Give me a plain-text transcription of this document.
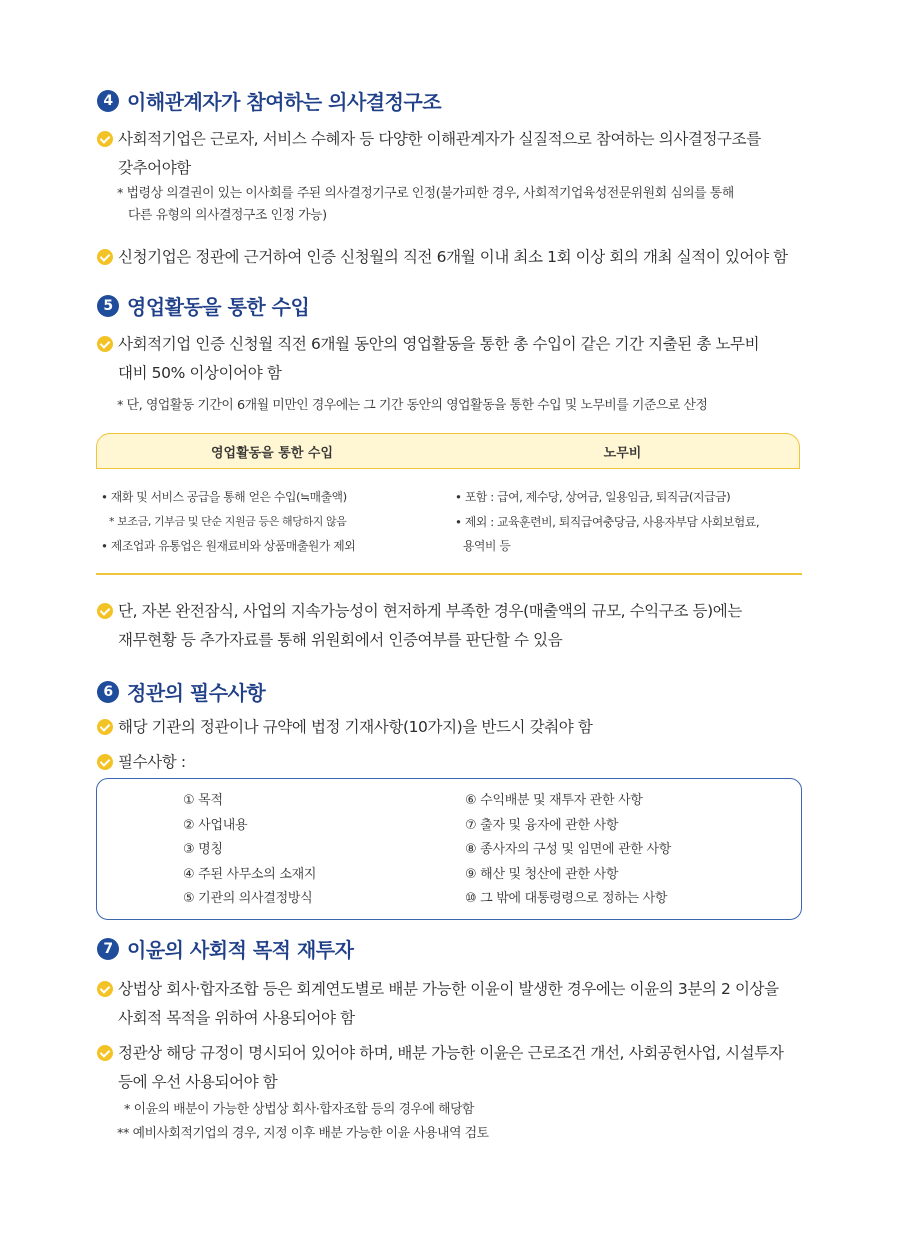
4 이해관계자가 참여하는 의사결정구조
사회적기업은 근로자, 서비스 수혜자 등 다양한 이해관계자가 실질적으로 참여하는 의사결정구조를
갖추어야함
* 법령상 의결권이 있는 이사회를 주된 의사결정기구로 인정(불가피한 경우, 사회적기업육성전문위원회 심의를 통해
다른 유형의 의사결정구조 인정 가능)
신청기업은 정관에 근거하여 인증 신청월의 직전 6개월 이내 최소 1회 이상 회의 개최 실적이 있어야 함
5 영업활동을 통한 수입
사회적기업 인증 신청월 직전 6개월 동안의 영업활동을 통한 총 수입이 같은 기간 지출된 총 노무비
대비 50% 이상이어야 함
* 단, 영업활동 기간이 6개월 미만인 경우에는 그 기간 동안의 영업활동을 통한 수입 및 노무비를 기준으로 산정
영업활동을 통한 수입	노무비
• 재화 및 서비스 공급을 통해 얻은 수입(≒매출액)
* 보조금, 기부금 및 단순 지원금 등은 해당하지 않음
• 제조업과 유통업은 원재료비와 상품매출원가 제외
• 포함 : 급여, 제수당, 상여금, 일용임금, 퇴직금(지급금)
• 제외 : 교육훈련비, 퇴직급여충당금, 사용자부담 사회보험료,
용역비 등
단, 자본 완전잠식, 사업의 지속가능성이 현저하게 부족한 경우(매출액의 규모, 수익구조 등)에는
재무현황 등 추가자료를 통해 위원회에서 인증여부를 판단할 수 있음
6 정관의 필수사항
해당 기관의 정관이나 규약에 법정 기재사항(10가지)을 반드시 갖춰야 함
필수사항 :
① 목적
② 사업내용
③ 명칭
④ 주된 사무소의 소재지
⑤ 기관의 의사결정방식
⑥ 수익배분 및 재투자 관한 사항
⑦ 출자 및 융자에 관한 사항
⑧ 종사자의 구성 및 임면에 관한 사항
⑨ 해산 및 청산에 관한 사항
⑩ 그 밖에 대통령령으로 정하는 사항
7 이윤의 사회적 목적 재투자
상법상 회사·합자조합 등은 회계연도별로 배분 가능한 이윤이 발생한 경우에는 이윤의 3분의 2 이상을
사회적 목적을 위하여 사용되어야 함
정관상 해당 규정이 명시되어 있어야 하며, 배분 가능한 이윤은 근로조건 개선, 사회공헌사업, 시설투자
등에 우선 사용되어야 함
* 이윤의 배분이 가능한 상법상 회사·합자조합 등의 경우에 해당함
** 예비사회적기업의 경우, 지정 이후 배분 가능한 이윤 사용내역 검토
